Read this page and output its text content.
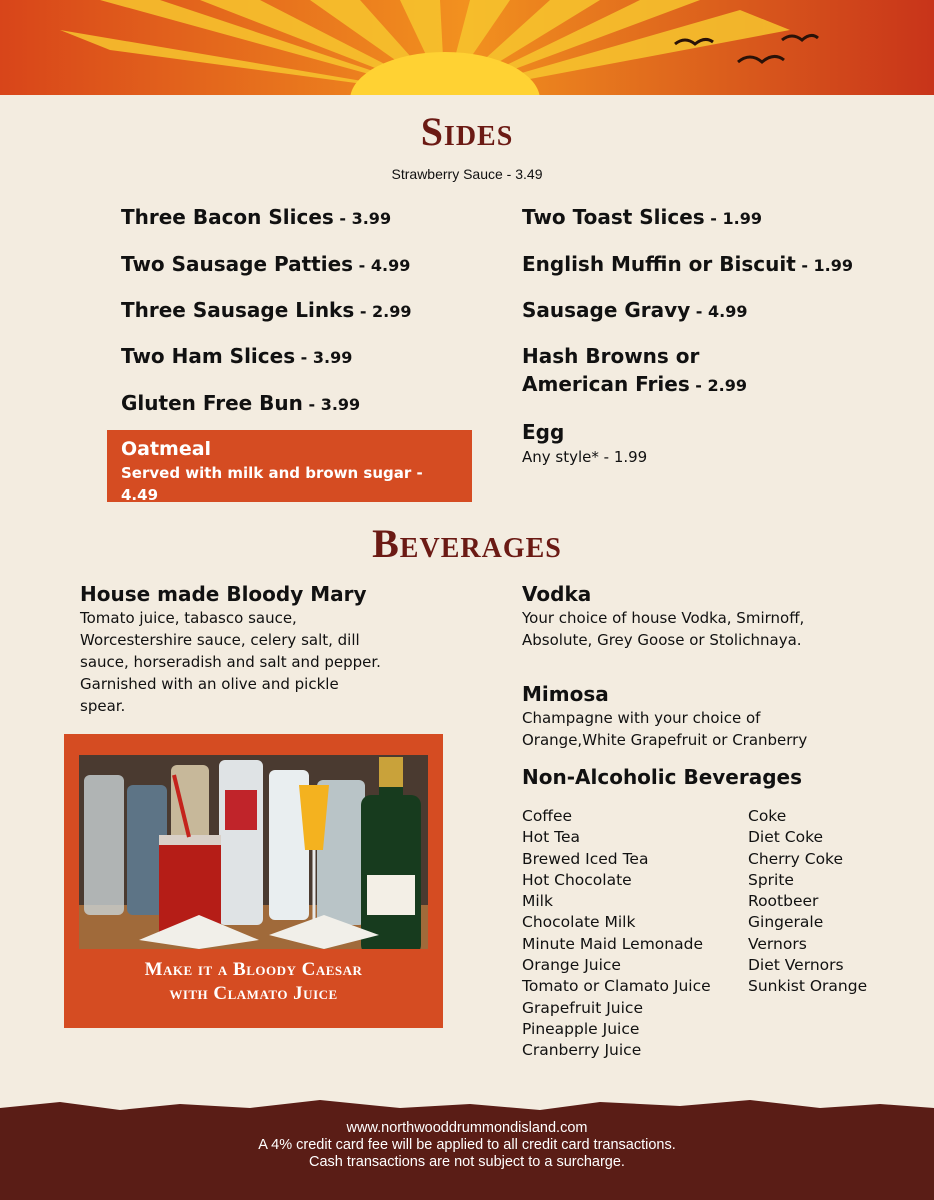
Sides
Strawberry Sauce - 3.49
Three Bacon Slices - 3.99
Two Sausage Patties - 4.99
Three Sausage Links - 2.99
Two Ham Slices - 3.99
Gluten Free Bun - 3.99
Two Toast Slices - 1.99
English Muffin or Biscuit - 1.99
Sausage Gravy - 4.99
Hash Browns or
American Fries - 2.99
Egg
Any style* - 1.99
Oatmeal
Served with milk and brown sugar - 4.49
Beverages
House made Bloody Mary
Tomato juice, tabasco sauce,
Worcestershire sauce, celery salt, dill
sauce, horseradish and salt and pepper.
Garnished with an olive and pickle
spear.
Vodka
Your choice of house Vodka, Smirnoff,
Absolute, Grey Goose or Stolichnaya.
Mimosa
Champagne with your choice of
Orange,White Grapefruit or Cranberry
Non-Alcoholic Beverages
Coffee
Hot Tea
Brewed Iced Tea
Hot Chocolate
Milk
Chocolate Milk
Minute Maid Lemonade
Orange Juice
Tomato or Clamato Juice
Grapefruit Juice
Pineapple Juice
Cranberry Juice
Coke
Diet Coke
Cherry Coke
Sprite
Rootbeer
Gingerale
Vernors
Diet Vernors
Sunkist Orange
Make it a Bloody Caesar
with Clamato Juice
www.northwooddrummondisland.com
A 4% credit card fee will be applied to all credit card transactions.
Cash transactions are not subject to a surcharge.
